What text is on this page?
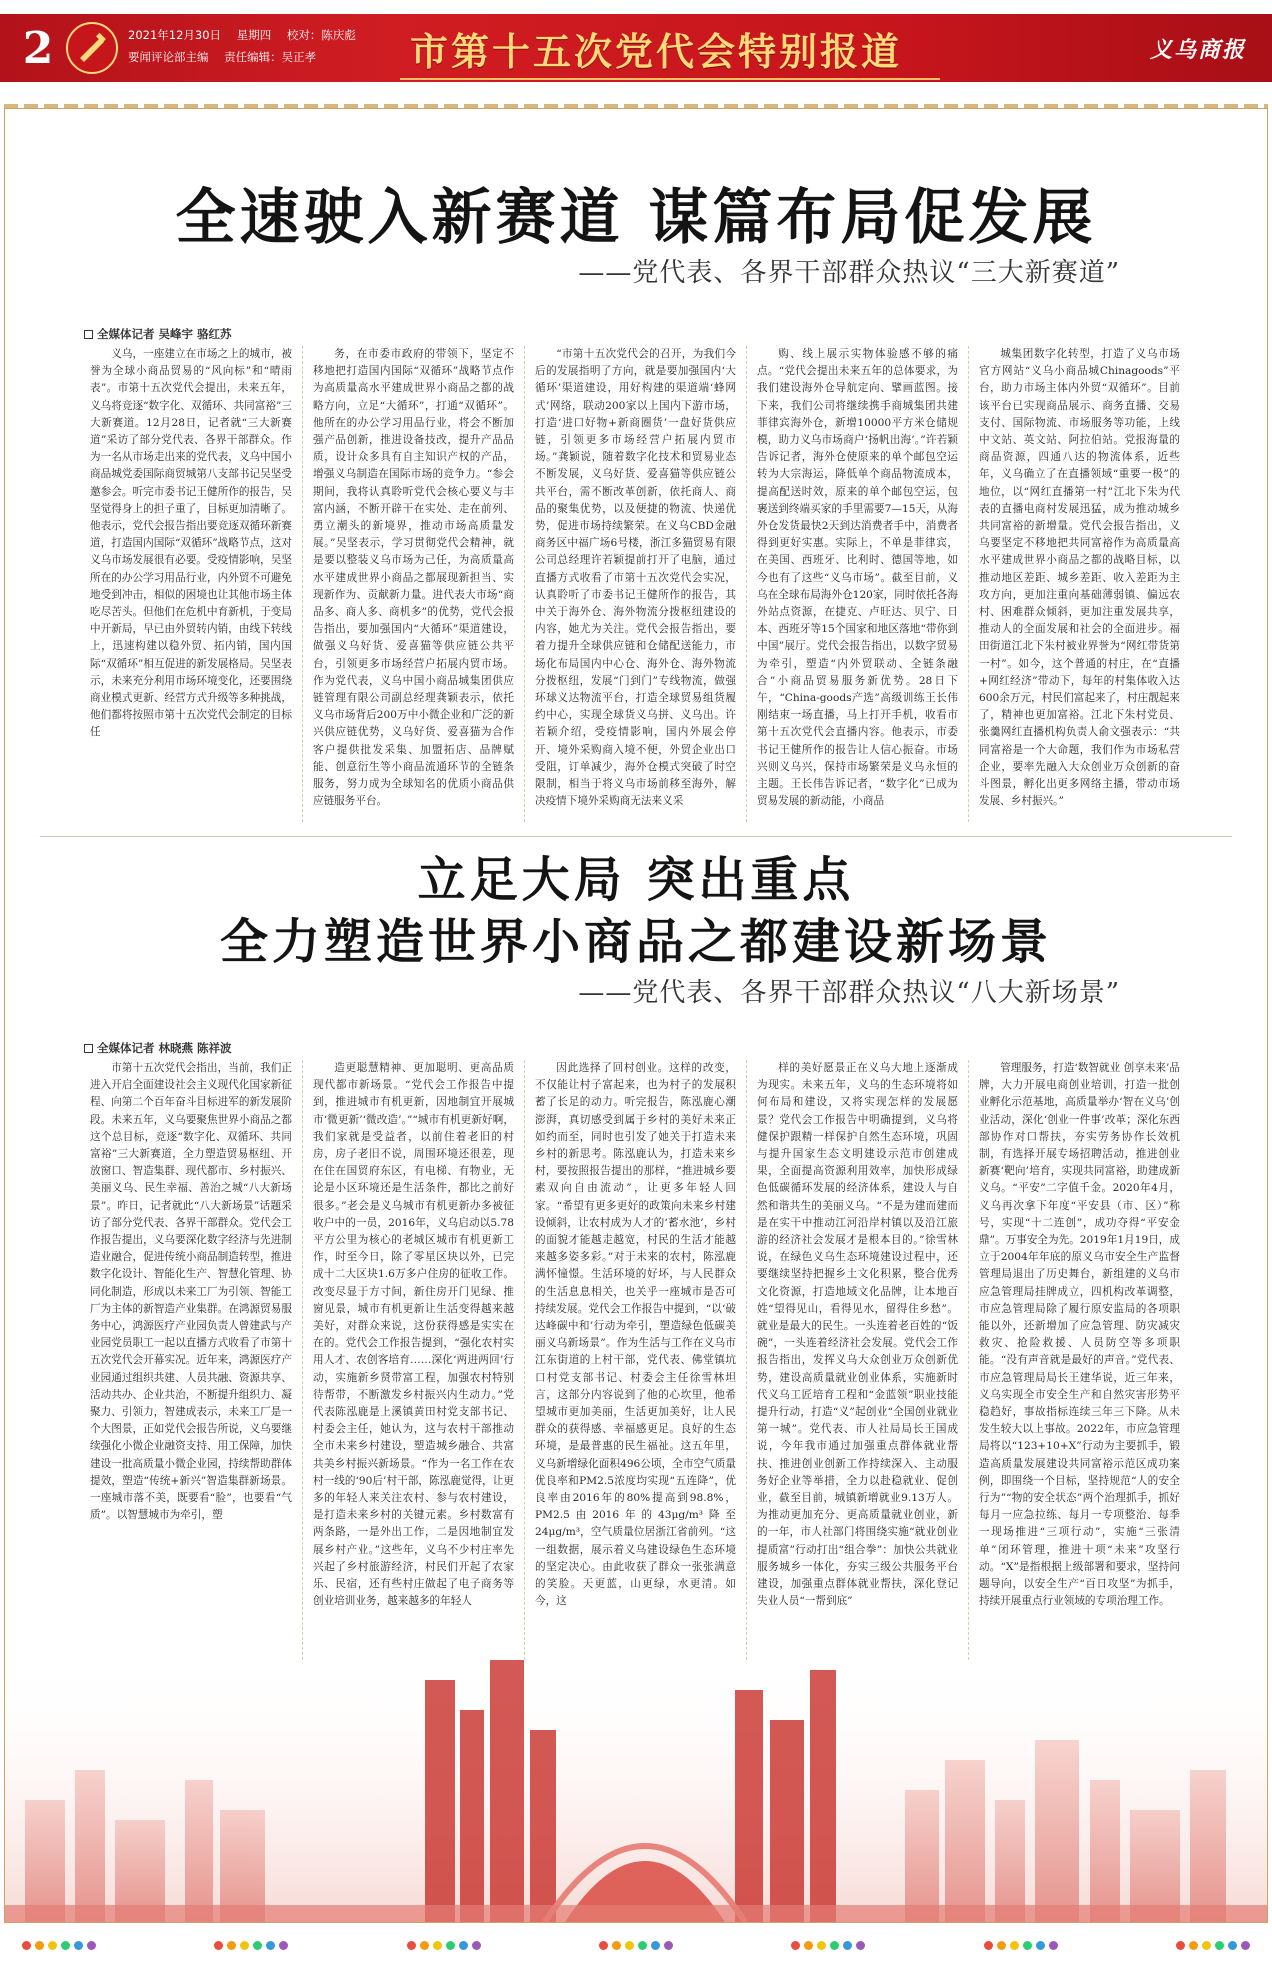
2	2021年12月30日 星期四 校对：陈庆彪
要闻评论部主编 责任编辑：吴正孝	市第十五次党代会特别报道	义乌商报
全速驶入新赛道 谋篇布局促发展
——党代表、各界干部群众热议“三大新赛道”
全媒体记者 吴峰宇 骆红苏

义乌，一座建立在市场之上的城市，被誉为全球小商品贸易的“风向标”和“晴雨表”。市第十五次党代会提出，未来五年，义乌将竞逐“数字化、双循环、共同富裕”三大新赛道。12月28日，记者就“三大新赛道”采访了部分党代表、各界干部群众。作为一名从市场走出来的党代表，义乌中国小商品城党委国际商贸城第八支部书记吴坚受邀参会。听完市委书记王健所作的报告，吴坚觉得身上的担子重了，目标更加清晰了。他表示，党代会报告指出要竞逐双循环新赛道，打造国内国际“双循环”战略节点，这对义乌市场发展很有必要。受疫情影响，吴坚所在的办公学习用品行业，内外贸不可避免地受到冲击，相似的困境也让其他市场主体吃尽苦头。但他们在危机中育新机，于变局中开新局，早已由外贸转内销，由线下转线上，迅速构建以稳外贸、拓内销，国内国际“双循环”相互促进的新发展格局。吴坚表示，未来充分利用市场环境变化，还要围绕商业模式更新、经营方式升级等多种挑战，他们都将按照市第十五次党代会制定的目标任

务，在市委市政府的带领下，坚定不移地把打造国内国际“双循环”战略节点作为高质量高水平建成世界小商品之都的战略方向，立足“大循环”，打通“双循环”。他所在的办公学习用品行业，将会不断加强产品创新，推进设备技改，提升产品品质，设计众多具有自主知识产权的产品，增强义乌制造在国际市场的竞争力。“参会期间，我将认真聆听党代会核心要义与丰富内涵，不断开辟干在实处、走在前列、勇立潮头的新境界，推动市场高质量发展。”吴坚表示，学习贯彻党代会精神，就是要以整装义乌市场为己任，为高质量高水平建成世界小商品之都展现新担当、实现新作为、贡献新力量。进代表大市场“商品多、商人多、商机多”的优势，党代会报告指出，要加强国内“大循环”渠道建设，做强义乌好货、爱喜猫等供应链公共平台，引领更多市场经营户拓展内贸市场。作为党代表，义乌中国小商品城集团供应链管理有限公司副总经理龚颖表示，依托义乌市场背后200万中小微企业和广泛的新兴供应链优势，义乌好货、爱喜猫为合作客户提供批发采集、加盟拓店、品牌赋能、创意衍生等小商品流通环节的全链条服务，努力成为全球知名的优质小商品供应链服务平台。

“市第十五次党代会的召开，为我们今后的发展指明了方向，就是要加强国内‘大循环’渠道建设，用好构建的渠道端‘蜂网式’网络，联动200家以上国内下游市场，打造‘进口好物+新商圈货’一盘好货供应链，引领更多市场经营户拓展内贸市场。”龚颖说，随着数字化技术和贸易业态不断发展，义乌好货、爱喜猫等供应链公共平台，需不断改革创新，依托商人、商品的聚集优势，以及便捷的物流、快递优势，促进市场持续繁荣。在义乌CBD金融商务区中福广场6号楼，浙江多猫贸易有限公司总经理许若颖提前打开了电脑，通过直播方式收看了市第十五次党代会实况，认真聆听了市委书记王健所作的报告，其中关于海外仓、海外物流分拨枢纽建设的内容，她尤为关注。党代会报告指出，要着力提升全球供应链和仓储配送能力，市场化布局国内中心仓、海外仓、海外物流分拨枢纽，发展“门到门”专线物流，做强环球义达物流平台，打造全球贸易组货履约中心，实现全球货义乌拼、义乌出。许若颖介绍，受疫情影响，国内外展会停开、境外采购商入境不便，外贸企业出口受阻，订单减少，海外仓模式突破了时空限制，相当于将义乌市场前移至海外，解决疫情下境外采购商无法来义采

购、线上展示实物体验感不够的痛点。“党代会提出未来五年的总体要求，为我们建设海外仓导航定向、擘画蓝图。接下来，我们公司将继续携手商城集团共建菲律宾海外仓，新增10000平方米仓储规模，助力义乌市场商户‘扬帆出海’。”许若颖告诉记者，海外仓使原来的单个邮包空运转为大宗海运，降低单个商品物流成本，提高配送时效，原来的单个邮包空运，包裹送到终端买家的手里需要7—15天，从海外仓发货最快2天到达消费者手中，消费者得到更好实惠。实际上，不单是菲律宾，在美国、西班牙、比利时、德国等地，如今也有了这些“义乌市场”。截至目前，义乌在全球布局海外仓120家，同时依托各海外站点资源，在捷克、卢旺达、贝宁、日本、西班牙等15个国家和地区落地“带你到中国”展厅。党代会报告指出，以数字贸易为牵引，塑造“内外贸联动、全链条融合”小商品贸易服务新优势。28日下午，“China-goods产选”高级训练王长伟刚结束一场直播，马上打开手机，收看市第十五次党代会直播内容。他表示，市委书记王健所作的报告让人信心振奋。市场兴则义乌兴，保持市场繁荣是义乌永恒的主题。王长伟告诉记者，“数字化”已成为贸易发展的新动能，小商品

城集团数字化转型，打造了义乌市场官方网站“义乌小商品城Chinagoods”平台，助力市场主体内外贸“双循环”。目前该平台已实现商品展示、商务直播、交易支付、国际物流、市场服务等功能，上线中文站、英文站、阿拉伯站。党报海量的商品资源，四通八达的物流体系，近些年，义乌确立了在直播领域“重要一极”的地位，以“网红直播第一村”江北下朱为代表的直播电商村发展迅猛，成为推动城乡共同富裕的新增量。党代会报告指出，义乌要坚定不移地把共同富裕作为高质量高水平建成世界小商品之都的战略目标，以推动地区差距、城乡差距、收入差距为主攻方向，更加注重向基础薄弱镇、偏远农村、困难群众倾斜，更加注重发展共享，推动人的全面发展和社会的全面进步。福田街道江北下朱村被业界誉为“网红带货第一村”。如今，这个普通的村庄，在“直播+网红经济”带动下，每年的村集体收入达600余万元，村民们富起来了，村庄靓起来了，精神也更加富裕。江北下朱村党员、张羹网红直播机构负责人俞文强表示：“共同富裕是一个大命题，我们作为市场私营企业，要率先融入大众创业万众创新的奋斗图景，孵化出更多网络主播，带动市场发展、乡村振兴。”

立足大局 突出重点
全力塑造世界小商品之都建设新场景
——党代表、各界干部群众热议“八大新场景”
全媒体记者 林晓燕 陈祥波

市第十五次党代会指出，当前，我们正进入开启全面建设社会主义现代化国家新征程、向第二个百年奋斗目标进军的新发展阶段。未来五年，义乌要聚焦世界小商品之都这个总目标，竞逐“数字化、双循环、共同富裕”三大新赛道，全力塑造贸易枢纽、开放窗口、智造集群、现代都市、乡村振兴、美丽义乌、民生幸福、善治之城“八大新场景”。昨日，记者就此“八大新场景”话题采访了部分党代表、各界干部群众。党代会工作报告提出，义乌要深化数字经济与先进制造业融合，促进传统小商品制造转型，推进数字化设计、智能化生产、智慧化管理、协同化制造，形成以未来工厂为引领、智能工厂为主体的新智造产业集群。在鸿源贸易服务中心，鸿源医疗产业园负责人曾建武与产业园党员职工一起以直播方式收看了市第十五次党代会开幕实况。近年来，鸿源医疗产业园通过组织共建、人员共融、资源共享、活动共办、企业共治，不断提升组织力、凝聚力、引领力，智建成表示，未来工厂是一个大图景，正如党代会报告所说，义乌要继续强化小微企业融资支持、用工保障，加快建设一批高质量小微企业园，持续帮助群体提效，塑造“传统+新兴”智造集群新场景。一座城市落不美，既要看“脸”，也要看“气质”。以智慧城市为牵引，塑

造更聪慧精神、更加聪明、更高品质现代都市新场景。“党代会工作报告中提到，推进城市有机更新，因地制宜开展城市‘微更新’‘微改造’。”“城市有机更新好啊，我们家就是受益者，以前住着老旧的村房，房子老旧不说，周围环境还很差，现在住在国贸府东区，有电梯、有物业，无论是小区环境还是生活条件，都比之前好很多。”老会是义乌城市有机更新办多被征收户中的一员，2016年，义乌启动以5.78平方公里为核心的老城区城市有机更新工作，时至今日，除了零星区块以外，已完成十二大区块1.6万多户住房的征收工作。改变尽显于方寸间，新住房开门见绿、推窗见景，城市有机更新让生活变得越来越美好，对群众来说，这份获得感是实实在在的。党代会工作报告提到，“强化农村实用人才、农创客培育……深化‘两进两回’行动，实施新乡贤带富工程，加强农村特别待帮带，不断激发乡村振兴内生动力。”党代表陈泓鹿是上溪镇黄田村党支部书记、村委会主任，她认为，这与农村干部推动全市未来乡村建设，塑造城乡融合、共富共美乡村振兴新场景。“作为一名工作在农村一线的‘90后’村干部，陈泓鹿觉得，让更多的年轻人来关注农村、参与农村建设，是打造未来乡村的关键元素。乡村数富有两条路，一是外出工作，二是因地制宜发展乡村产业。”这些年，义乌不少村庄率先兴起了乡村旅游经济，村民们开起了农家乐、民宿，还有些村庄做起了电子商务等创业培训业务，越来越多的年轻人

因此选择了回村创业。这样的改变，不仅能让村子富起来，也为村子的发展积蓄了长足的动力。听完报告，陈泓鹿心潮澎湃，真切感受到属于乡村的美好未来正如约而至，同时也引发了她关于打造未来乡村的新思考。陈泓鹿认为，打造未来乡村，要按照报告提出的那样，“推进城乡要素双向自由流动”，让更多年轻人回家。“希望有更多更好的政策向未来乡村建设倾斜，让农村成为人才的‘蓄水池’，乡村的面貌才能越走越宽，村民的生活才能越来越多姿多彩。”对于未来的农村，陈泓鹿满怀憧憬。生活环境的好坏，与人民群众的生活息息相关，也关乎一座城市是否可持续发展。党代会工作报告中提到，“以‘破达峰碳中和’行动为牵引，塑造绿色低碳美丽义乌新场景”。作为生活与工作在义乌市江东街道的上村干部，党代表、佛堂镇坑口村党支部书记、村委会主任徐雪林坦言，这部分内容说到了他的心坎里，他希望城市更加美丽，生活更加美好，让人民群众的获得感、幸福感更足。良好的生态环境，是最普惠的民生福祉。这五年里，义乌新增绿化面积496公顷，全市空气质量优良率和PM2.5浓度均实现“五连降”，优良率由2016年的80%提高到98.8%，PM2.5由2016年的43μg/m³降至24μg/m³，空气质量位居浙江省前列。“这一组数据，展示着义乌建设绿色生态环境的坚定决心。由此收获了群众一张张满意的笑脸。天更蓝，山更绿，水更清。如今，这

样的美好愿景正在义乌大地上逐渐成为现实。未来五年，义乌的生态环境将如何布局和建设，又将实现怎样的发展愿景？党代会工作报告中明确提到，义乌将健保护跟精一样保护自然生态环境，巩固与提升国家生态文明建设示范市创建成果，全面提高资源利用效率，加快形成绿色低碳循环发展的经济体系，建设人与自然和谐共生的美丽义乌。“不是为建而建而是在实干中推动江河沿岸村镇以及沿江旅游的经济社会发展才是根本目的。”徐雪林说，在绿色义乌生态环境建设过程中，还要继续坚持把握乡土文化积累，整合优秀文化资源，打造地域文化品牌，让本地百姓“望得见山，看得见水，留得住乡愁”。就业是最大的民生。一头连着老百姓的“饭碗”，一头连着经济社会发展。党代会工作报告指出，发挥义乌大众创业万众创新优势，建设高质量就业创业体系，实施新时代义乌工匠培育工程和“金蓝领”职业技能提升行动，打造“义”起创业“全国创业就业第一城”。党代表、市人社局局长王国成说，今年我市通过加强重点群体就业帮扶、推进创业创新工作持续深入、主动服务好企业等举措，全力以赴稳就业、促创业，截至目前，城镇新增就业9.13万人。为推动更加充分、更高质量就业创业，新的一年，市人社部门将围绕实施“就业创业提质富”行动打出“组合拳”：加快公共就业服务城乡一体化，夯实三级公共服务平台建设，加强重点群体就业帮扶，深化登记失业人员“一帮到底”

管理服务，打造‘数智就业 创享未来’品牌，大力开展电商创业培训，打造一批创业孵化示范基地，高质量举办‘智在义乌’创业活动，深化‘创业一件事’改革；深化东西部协作对口帮扶，夯实劳务协作长效机制，有选择开展专场招聘活动，推进创业新赛‘靶向’培育，实现共同富裕，助建成新义乌。“平安”二字值千金。2020年4月，义乌再次拿下年度“平安县（市、区）”称号，实现“十二连创”，成功夺得“平安金鼎”。万事安全为先。2019年1月19日，成立于2004年年底的原义乌市安全生产监督管理局退出了历史舞台，新组建的义乌市应急管理局挂牌成立，四机构改革调整，市应急管理局除了履行原安监局的各项职能以外，还新增加了应急管理、防灾减灾救灾、抢险救援、人员防空等多项职能。“没有声音就是最好的声音。”党代表、市应急管理局局长王建华说，近三年来，义乌实现全市安全生产和自然灾害形势平稳趋好，事故指标连续三年三下降。从未发生较大以上事故。2022年，市应急管理局将以“123+10+X”行动为主要抓手，锻造高质量发展建设共同富裕示范区成功案例，即围绕一个目标，坚持规范“人的安全行为”“物的安全状态”两个治理抓手，抓好每月一应急拉练、每月一专项整治、每季一现场推进“三项行动”，实施“三张清单”闭环管理，推进十项“未来”攻坚行动。“X”是指根据上级部署和要求，坚持问题导向，以安全生产“百日攻坚”为抓手，持续开展重点行业领域的专项治理工作。
